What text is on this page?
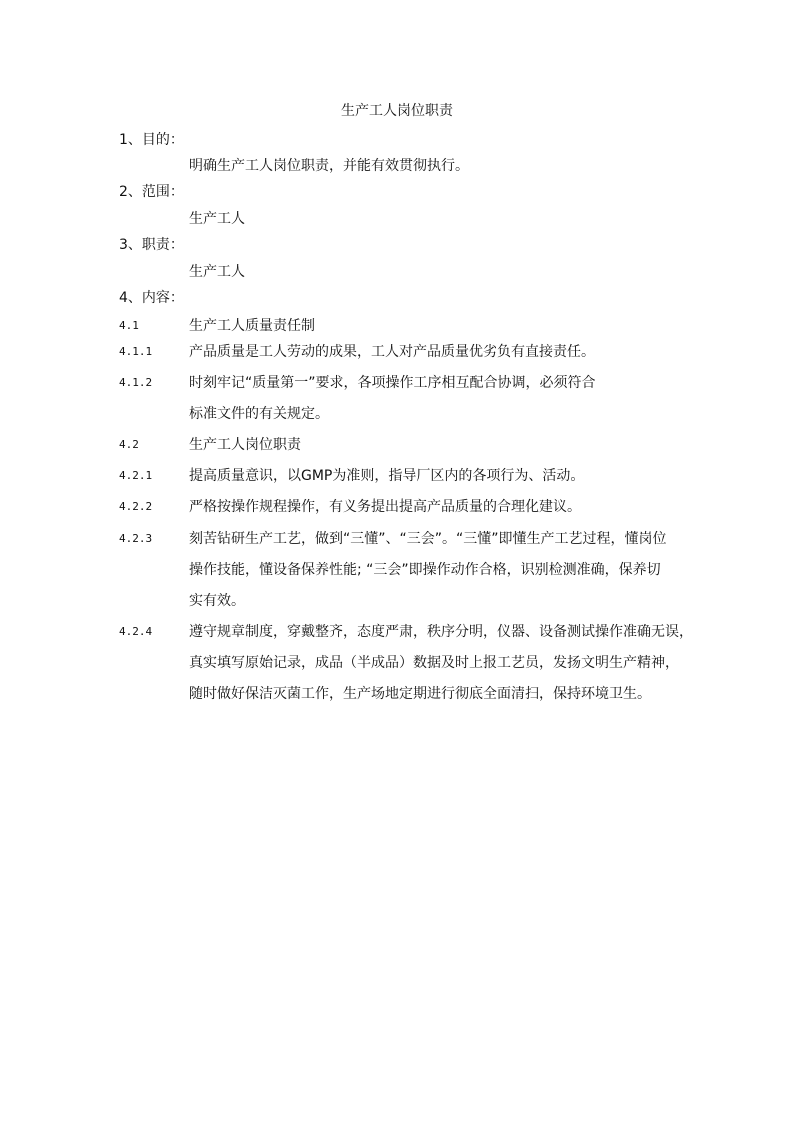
生产工人岗位职责
1、目的：
明确生产工人岗位职责，并能有效贯彻执行。
2、范围：
生产工人
3、职责：
生产工人
4、内容：
4.1	生产工人质量责任制
4.1.1	产品质量是工人劳动的成果，工人对产品质量优劣负有直接责任。
4.1.2	时刻牢记“质量第一”要求，各项操作工序相互配合协调，必须符合
标准文件的有关规定。
4.2	生产工人岗位职责
4.2.1	提高质量意识，以GMP为准则，指导厂区内的各项行为、活动。
4.2.2	严格按操作规程操作，有义务提出提高产品质量的合理化建议。
4.2.3	刻苦钻研生产工艺，做到“三懂”、“三会”。“三懂”即懂生产工艺过程，懂岗位
操作技能，懂设备保养性能; “三会”即操作动作合格，识别检测准确，保养切
实有效。
4.2.4	遵守规章制度，穿戴整齐，态度严肃，秩序分明，仪器、设备测试操作准确无误，
真实填写原始记录，成品（半成品）数据及时上报工艺员，发扬文明生产精神，
随时做好保洁灭菌工作，生产场地定期进行彻底全面清扫，保持环境卫生。
